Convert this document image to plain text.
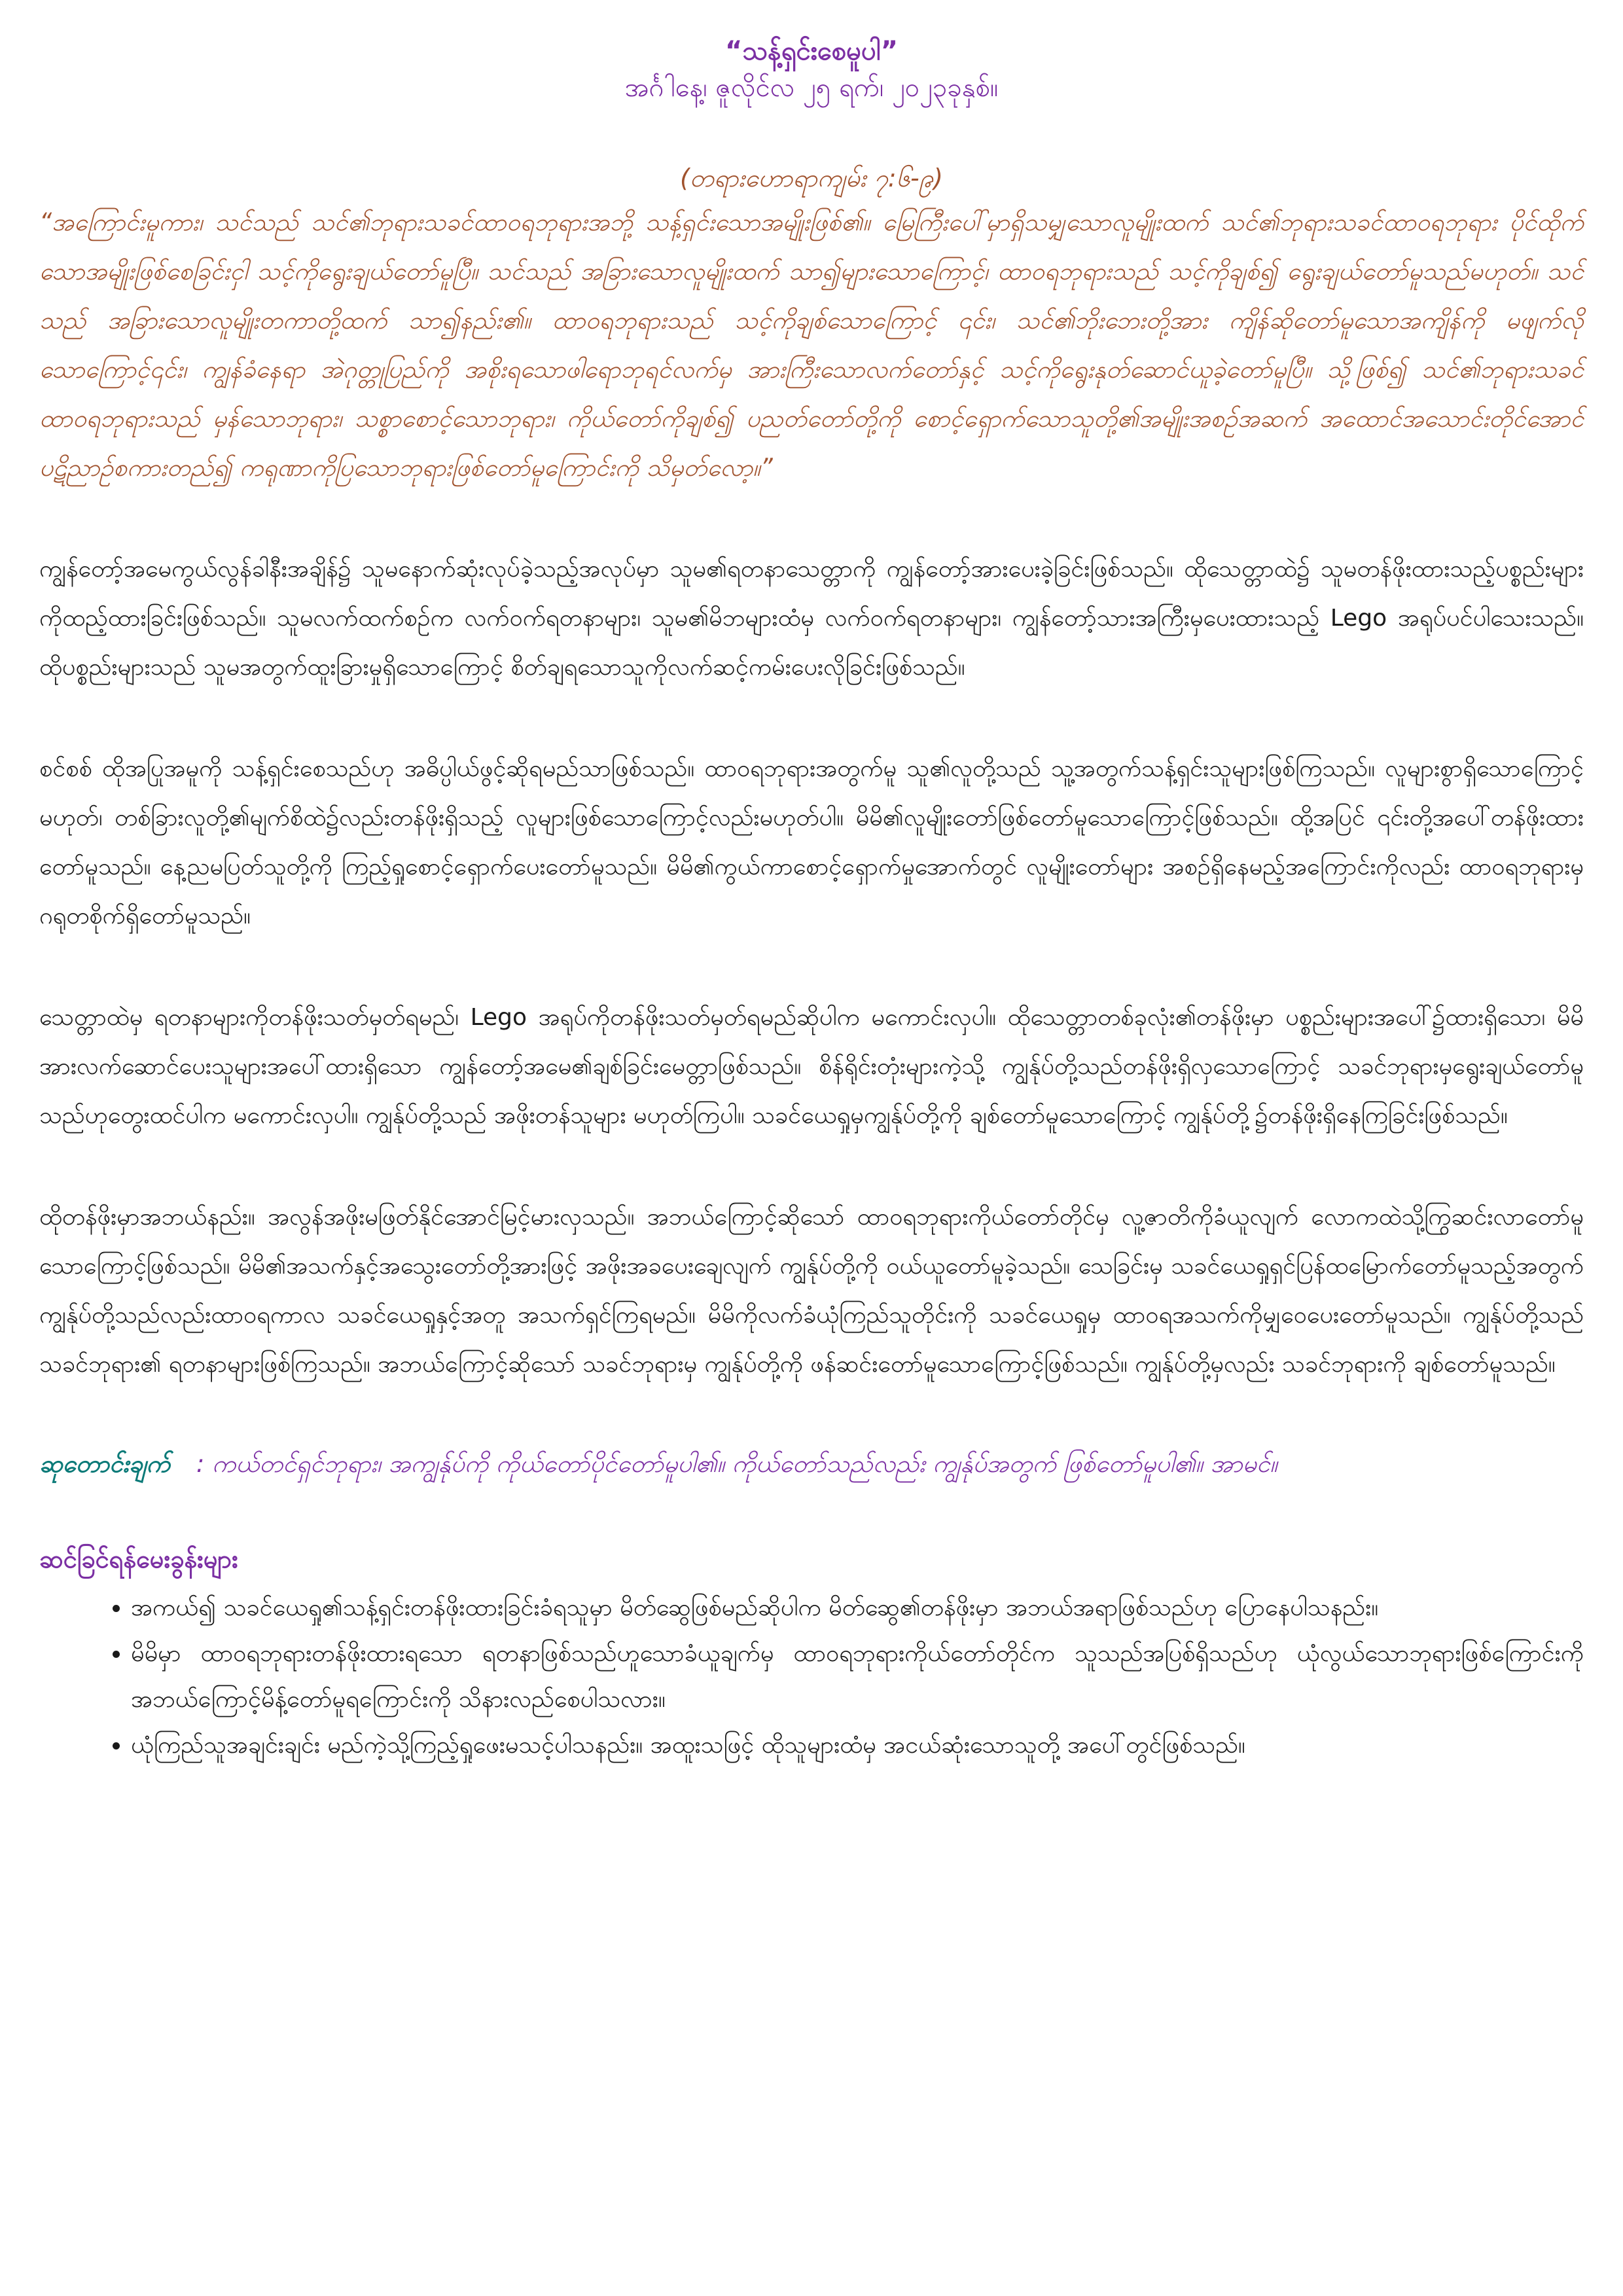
“သန့်ရှင်းစေမူပါ”

အင်္ဂါနေ့၊ ဇူလိုင်လ ၂၅ ရက်၊ ၂၀၂၃ခုနှစ်။

(တရားဟောရာကျမ်း ၇:၆-၉)

“အကြောင်းမူကား၊ သင်သည် သင်၏ဘုရားသခင်ထာဝရဘုရားအဘို့ သန့်ရှင်းသောအမျိုးဖြစ်၏။ မြေကြီးပေါ်မှာရှိသမျှသောလူမျိုးထက် သင်၏ဘုရားသခင်ထာဝရဘုရား ပိုင်ထိုက်သောအမျိုးဖြစ်စေခြင်းငှါ သင့်ကိုရွေးချယ်တော်မူပြီ။ သင်သည် အခြားသောလူမျိုးထက် သာ၍များသောကြောင့်၊ ထာဝရဘုရားသည် သင့်ကိုချစ်၍ ရွေးချယ်တော်မူသည်မဟုတ်။ သင်သည် အခြားသောလူမျိုးတကာတို့ထက် သာ၍နည်း၏။ ထာဝရဘုရားသည် သင့်ကိုချစ်သောကြောင့် ၎င်း၊ သင်၏ဘိုးဘေးတို့အား ကျိန်ဆိုတော်မူသောအကျိန်ကို မဖျက်လိုသောကြောင့်၎င်း၊ ကျွန်ခံနေရာ အဲဂုတ္တုပြည်ကို အစိုးရသောဖါရောဘုရင်လက်မှ အားကြီးသောလက်တော်နှင့် သင့်ကိုရွေးနုတ်ဆောင်ယူခဲ့တော်မူပြီ။ သို့ဖြစ်၍ သင်၏ဘုရားသခင်ထာဝရဘုရားသည် မှန်သောဘုရား၊ သစ္စာစောင့်သောဘုရား၊ ကိုယ်တော်ကိုချစ်၍ ပညတ်တော်တို့ကို စောင့်ရှောက်သောသူတို့၏အမျိုးအစဉ်အဆက် အထောင်အသောင်းတိုင်အောင် ပဋိညာဉ်စကားတည်၍ ကရုဏာကိုပြသောဘုရားဖြစ်တော်မူကြောင်းကို သိမှတ်လော့။”

ကျွန်တော့်အမေကွယ်လွန်ခါနီးအချိန်၌ သူမနောက်ဆုံးလုပ်ခဲ့သည့်အလုပ်မှာ သူမ၏ရတနာသေတ္တာကို ကျွန်တော့်အားပေးခဲ့ခြင်းဖြစ်သည်။ ထိုသေတ္တာထဲ၌ သူမတန်ဖိုးထားသည့်ပစ္စည်းများကိုထည့်ထားခြင်းဖြစ်သည်။ သူမလက်ထက်စဉ်က လက်ဝက်ရတနာများ၊ သူမ၏မိဘများထံမှ လက်ဝက်ရတနာများ၊ ကျွန်တော့်သားအကြီးမှပေးထားသည့် Lego အရုပ်ပင်ပါသေးသည်။ ထိုပစ္စည်းများသည် သူမအတွက်ထူးခြားမှုရှိသောကြောင့် စိတ်ချရသောသူကိုလက်ဆင့်ကမ်းပေးလိုခြင်းဖြစ်သည်။

စင်စစ် ထိုအပြုအမူကို သန့်ရှင်းစေသည်ဟု အဓိပ္ပါယ်ဖွင့်ဆိုရမည်သာဖြစ်သည်။ ထာဝရဘုရားအတွက်မူ သူ၏လူတို့သည် သူ့အတွက်သန့်ရှင်းသူများဖြစ်ကြသည်။ လူများစွာရှိသောကြောင့်မဟုတ်၊ တစ်ခြားလူတို့၏မျက်စိထဲ၌လည်းတန်ဖိုးရှိသည့် လူများဖြစ်သောကြောင့်လည်းမဟုတ်ပါ။ မိမိ၏လူမျိုးတော်ဖြစ်တော်မူသောကြောင့်ဖြစ်သည်။ ထို့အပြင် ၎င်းတို့အပေါ်တန်ဖိုးထားတော်မူသည်။ နေ့ညမပြတ်သူတို့ကို ကြည့်ရှုစောင့်ရှောက်ပေးတော်မူသည်။ မိမိ၏ကွယ်ကာစောင့်ရှောက်မှုအောက်တွင် လူမျိုးတော်များ အစဉ်ရှိနေမည့်အကြောင်းကိုလည်း ထာဝရဘုရားမှ ဂရုတစိုက်ရှိတော်မူသည်။

သေတ္တာထဲမှ ရတနာများကိုတန်ဖိုးသတ်မှတ်ရမည်၊ Lego အရုပ်ကိုတန်ဖိုးသတ်မှတ်ရမည်ဆိုပါက မကောင်းလှပါ။ ထိုသေတ္တာတစ်ခုလုံး၏တန်ဖိုးမှာ ပစ္စည်းများအပေါ်၌ထားရှိသော၊ မိမိအားလက်ဆောင်ပေးသူများအပေါ်ထားရှိသော ကျွန်တော့်အမေ၏ချစ်ခြင်းမေတ္တာဖြစ်သည်။ စိန်ရိုင်းတုံးများကဲ့သို့ ကျွန်ုပ်တို့သည်တန်ဖိုးရှိလှသောကြောင့် သခင်ဘုရားမှရွေးချယ်တော်မူသည်ဟုတွေးထင်ပါက မကောင်းလှပါ။ ကျွန်ုပ်တို့သည် အဖိုးတန်သူများ မဟုတ်ကြပါ။ သခင်ယေရှုမှကျွန်ုပ်တို့ကို ချစ်တော်မူသောကြောင့် ကျွန်ုပ်တို့၌တန်ဖိုးရှိနေကြခြင်းဖြစ်သည်။

ထိုတန်ဖိုးမှာအဘယ်နည်း။ အလွန်အဖိုးမဖြတ်နိုင်အောင်မြင့်မားလှသည်။ အဘယ်ကြောင့်ဆိုသော် ထာဝရဘုရားကိုယ်တော်တိုင်မှ လူ့ဇာတိကိုခံယူလျက် လောကထဲသို့ကြွဆင်းလာတော်မူသောကြောင့်ဖြစ်သည်။ မိမိ၏အသက်နှင့်အသွေးတော်တို့အားဖြင့် အဖိုးအခပေးချေလျက် ကျွန်ုပ်တို့ကို ဝယ်ယူတော်မူခဲ့သည်။ သေခြင်းမှ သခင်ယေရှုရှင်ပြန်ထမြောက်တော်မူသည့်အတွက် ကျွန်ုပ်တို့သည်လည်းထာဝရကာလ သခင်ယေရှုနှင့်အတူ အသက်ရှင်ကြရမည်။ မိမိကိုလက်ခံယုံကြည်သူတိုင်းကို သခင်ယေရှုမှ ထာဝရအသက်ကိုမျှဝေပေးတော်မူသည်။ ကျွန်ုပ်တို့သည် သခင်ဘုရား၏ ရတနာများဖြစ်ကြသည်။ အဘယ်ကြောင့်ဆိုသော် သခင်ဘုရားမှ ကျွန်ုပ်တို့ကို ဖန်ဆင်းတော်မူသောကြောင့်ဖြစ်သည်။ ကျွန်ုပ်တို့မှလည်း သခင်ဘုရားကို ချစ်တော်မူသည်။

ဆုတောင်းချက် : ကယ်တင်ရှင်ဘုရား၊ အကျွန်ုပ်ကို ကိုယ်တော်ပိုင်တော်မူပါ၏။ ကိုယ်တော်သည်လည်း ကျွန်ုပ်အတွက် ဖြစ်တော်မူပါ၏။ အာမင်။

ဆင်ခြင်ရန်မေးခွန်းများ
• အကယ်၍ သခင်ယေရှု၏သန့်ရှင်းတန်ဖိုးထားခြင်းခံရသူမှာ မိတ်ဆွေဖြစ်မည်ဆိုပါက မိတ်ဆွေ၏တန်ဖိုးမှာ အဘယ်အရာဖြစ်သည်ဟု ပြောနေပါသနည်း။
• မိမိမှာ ထာဝရဘုရားတန်ဖိုးထားရသော ရတနာဖြစ်သည်ဟူသောခံယူချက်မှ ထာဝရဘုရားကိုယ်တော်တိုင်က သူသည်အပြစ်ရှိသည်ဟု ယုံလွယ်သောဘုရားဖြစ်ကြောင်းကို အဘယ်ကြောင့်မိန့်တော်မူရကြောင်းကို သိနားလည်စေပါသလား။
• ယုံကြည်သူအချင်းချင်း မည်ကဲ့သို့ကြည့်ရှုဖေးမသင့်ပါသနည်း။ အထူးသဖြင့် ထိုသူများထံမှ အငယ်ဆုံးသောသူတို့ အပေါ်တွင်ဖြစ်သည်။
